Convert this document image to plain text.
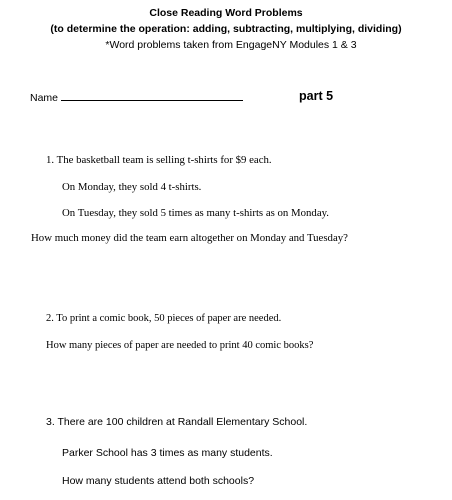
Close Reading Word Problems
(to determine the operation: adding, subtracting, multiplying, dividing)
*Word problems taken from EngageNY Modules 1 & 3
Name	part 5
1. The basketball team is selling t-shirts for $9 each.
On Monday, they sold 4 t-shirts.
On Tuesday, they sold 5 times as many t-shirts as on Monday.
How much money did the team earn altogether on Monday and Tuesday?
2. To print a comic book, 50 pieces of paper are needed.
How many pieces of paper are needed to print 40 comic books?
3. There are 100 children at Randall Elementary School.
Parker School has 3 times as many students.
How many students attend both schools?
